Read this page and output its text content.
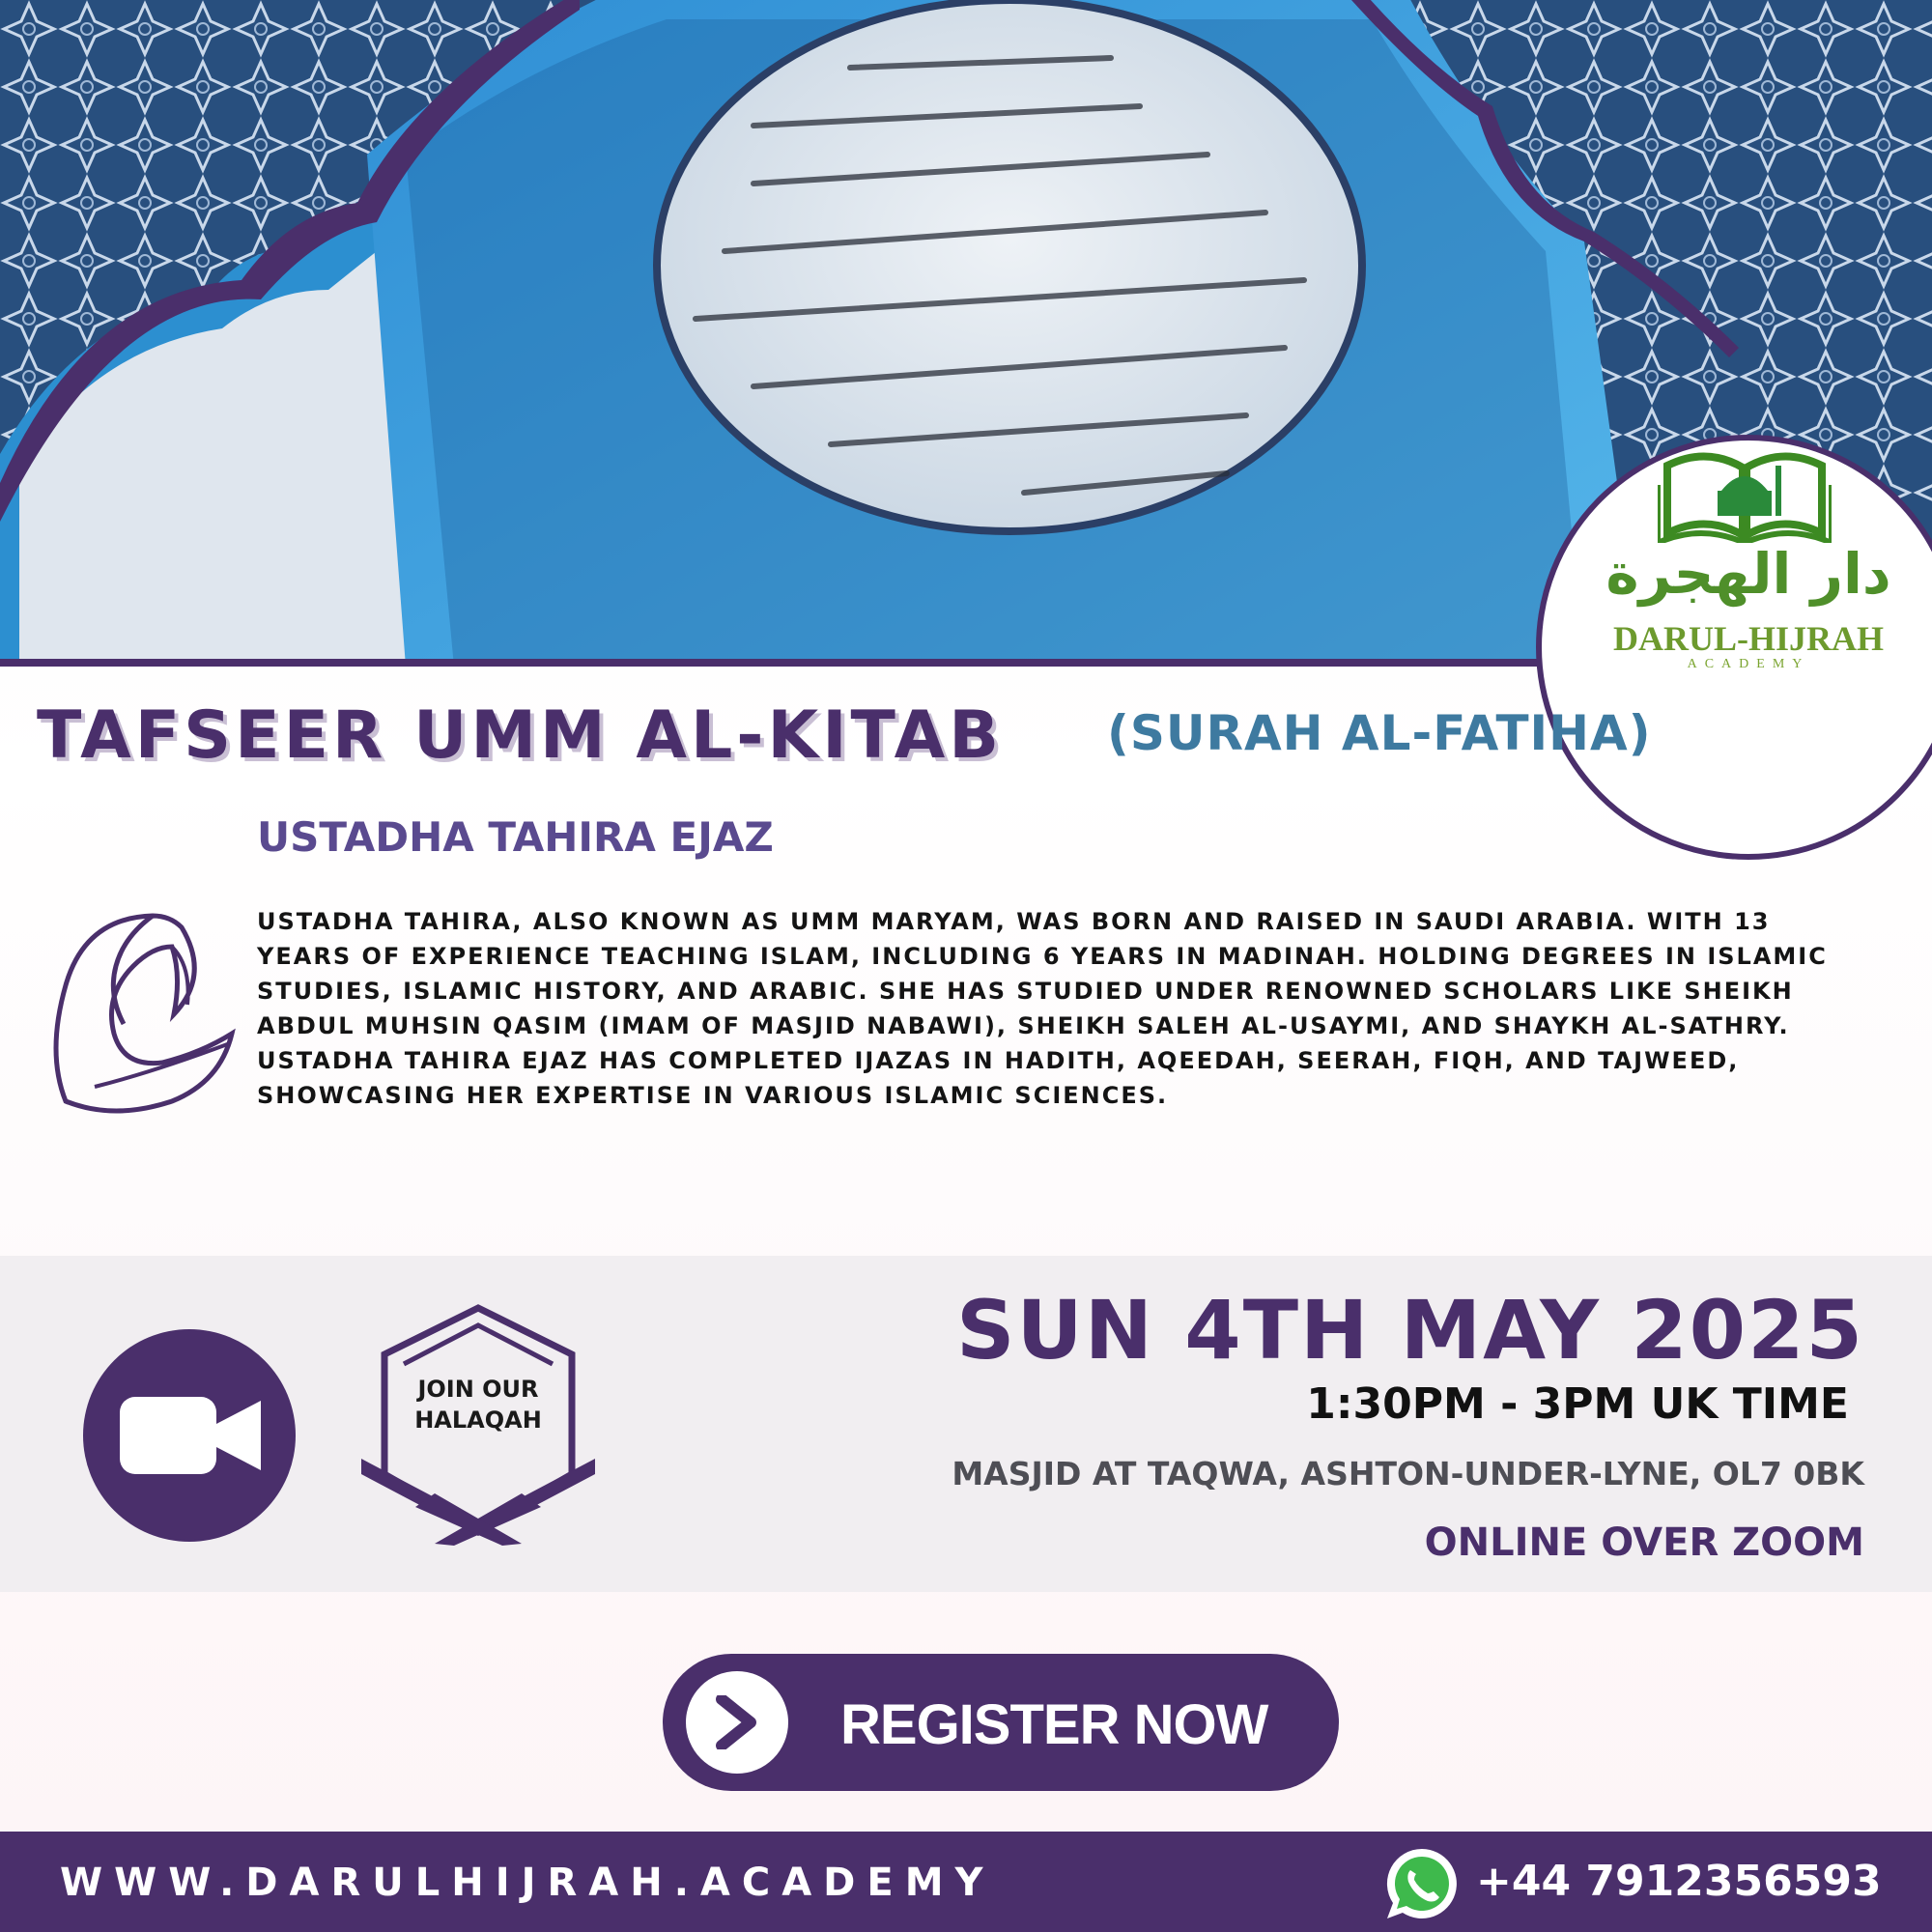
دار الهجرة
DARUL-HIJRAH
ACADEMY
TAFSEER UMM AL-KITAB (SURAH AL-FATIHA)
USTADHA TAHIRA EJAZ

USTADHA TAHIRA, ALSO KNOWN AS UMM MARYAM, WAS BORN AND RAISED IN SAUDI ARABIA. WITH 13 YEARS OF EXPERIENCE TEACHING ISLAM, INCLUDING 6 YEARS IN MADINAH. HOLDING DEGREES IN ISLAMIC STUDIES, ISLAMIC HISTORY, AND ARABIC. SHE HAS STUDIED UNDER RENOWNED SCHOLARS LIKE SHEIKH ABDUL MUHSIN QASIM (IMAM OF MASJID NABAWI), SHEIKH SALEH AL-USAYMI, AND SHAYKH AL-SATHRY.

USTADHA TAHIRA EJAZ HAS COMPLETED IJAZAS IN HADITH, AQEEDAH, SEERAH, FIQH, AND TAJWEED, SHOWCASING HER EXPERTISE IN VARIOUS ISLAMIC SCIENCES.

JOIN OUR
HALAQAH
SUN 4TH MAY 2025
1:30PM - 3PM UK TIME
MASJID AT TAQWA, ASHTON-UNDER-LYNE, OL7 0BK
ONLINE OVER ZOOM
REGISTER NOW
WWW.DARULHIJRAH.ACADEMY	+44 7912356593
